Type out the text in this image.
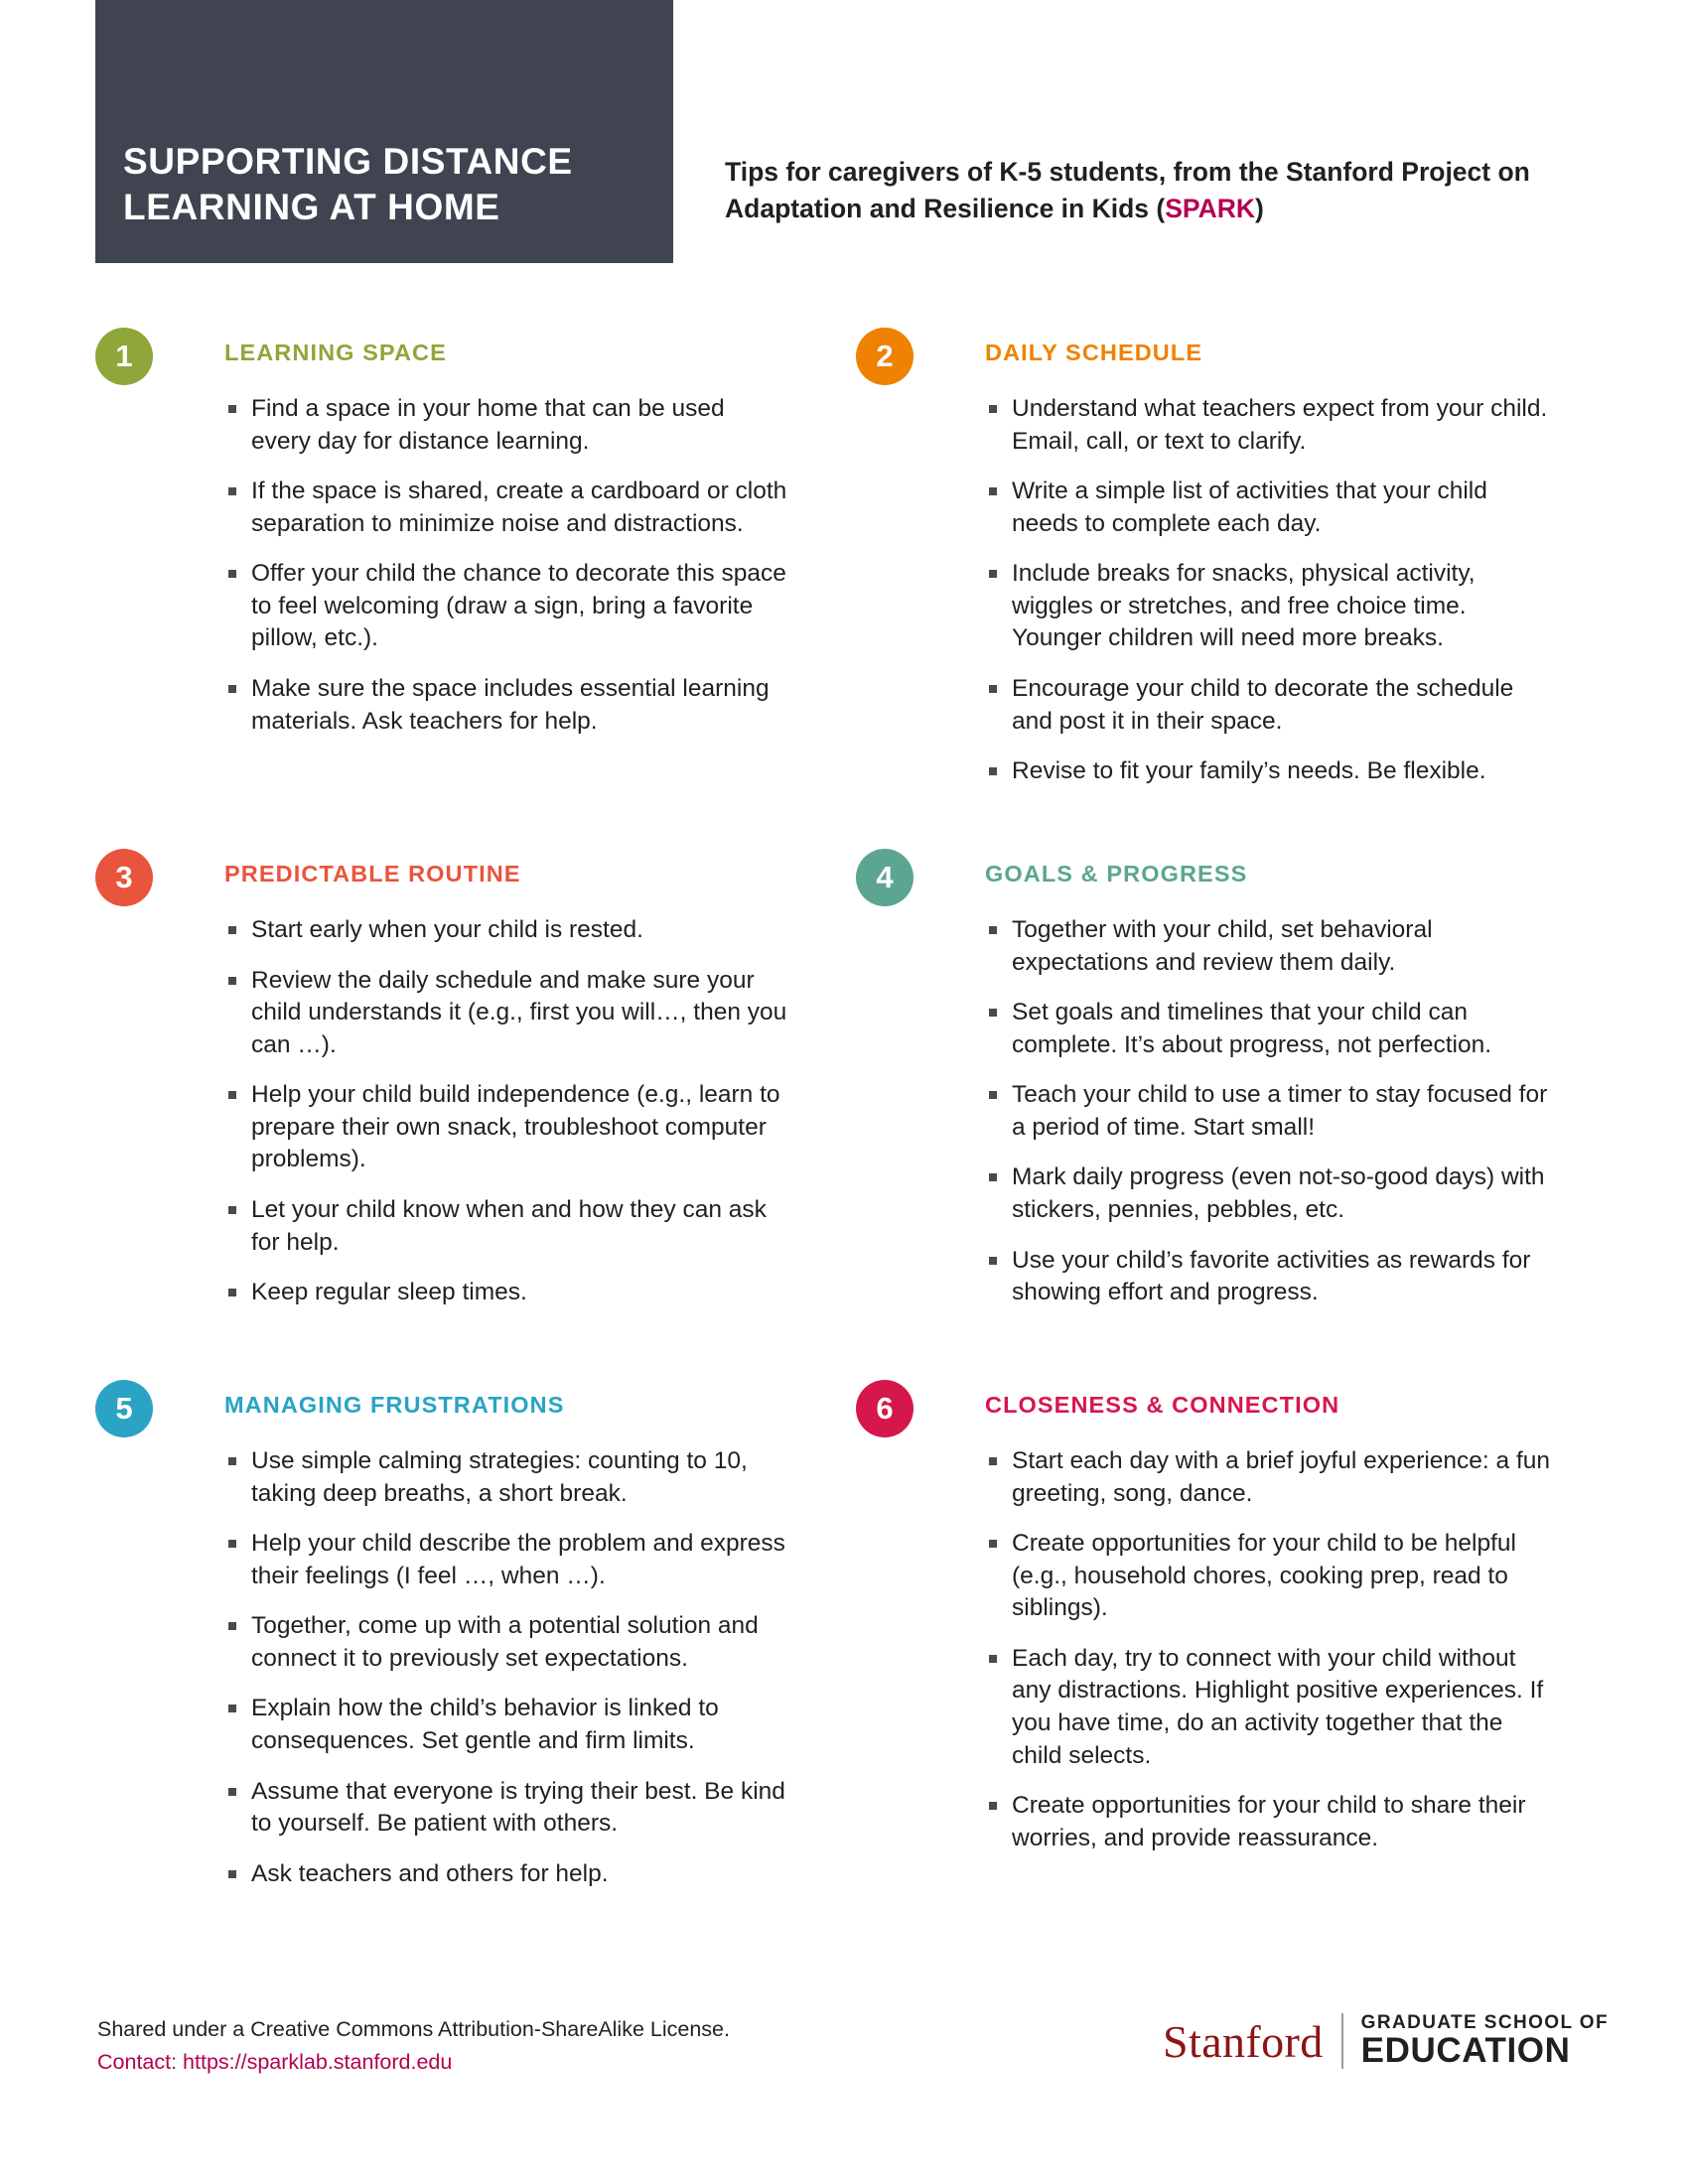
SUPPORTING DISTANCE LEARNING AT HOME
Tips for caregivers of K-5 students, from the Stanford Project on Adaptation and Resilience in Kids (SPARK)
1	LEARNING SPACE
Find a space in your home that can be used every day for distance learning.
If the space is shared, create a cardboard or cloth separation to minimize noise and distractions.
Offer your child the chance to decorate this space to feel welcoming (draw a sign, bring a favorite pillow, etc.).
Make sure the space includes essential learning materials. Ask teachers for help.
2	DAILY SCHEDULE
Understand what teachers expect from your child. Email, call, or text to clarify.
Write a simple list of activities that your child needs to complete each day.
Include breaks for snacks, physical activity, wiggles or stretches, and free choice time. Younger children will need more breaks.
Encourage your child to decorate the schedule and post it in their space.
Revise to fit your family’s needs. Be flexible.
3	PREDICTABLE ROUTINE
Start early when your child is rested.
Review the daily schedule and make sure your child understands it (e.g., first you will…, then you can …).
Help your child build independence (e.g., learn to prepare their own snack, troubleshoot computer problems).
Let your child know when and how they can ask for help.
Keep regular sleep times.
4	GOALS & PROGRESS
Together with your child, set behavioral expectations and review them daily.
Set goals and timelines that your child can complete. It’s about progress, not perfection.
Teach your child to use a timer to stay focused for a period of time. Start small!
Mark daily progress (even not-so-good days) with stickers, pennies, pebbles, etc.
Use your child’s favorite activities as rewards for showing effort and progress.
5	MANAGING FRUSTRATIONS
Use simple calming strategies: counting to 10, taking deep breaths, a short break.
Help your child describe the problem and express their feelings (I feel …, when …).
Together, come up with a potential solution and connect it to previously set expectations.
Explain how the child’s behavior is linked to consequences. Set gentle and firm limits.
Assume that everyone is trying their best. Be kind to yourself. Be patient with others.
Ask teachers and others for help.
6	CLOSENESS & CONNECTION
Start each day with a brief joyful experience: a fun greeting, song, dance.
Create opportunities for your child to be helpful (e.g., household chores, cooking prep, read to siblings).
Each day, try to connect with your child without any distractions. Highlight positive experiences. If you have time, do an activity together that the child selects.
Create opportunities for your child to share their worries, and provide reassurance.
Shared under a Creative Commons Attribution-ShareAlike License.
Contact: https://sparklab.stanford.edu	Stanford	GRADUATE SCHOOL OF
EDUCATION
